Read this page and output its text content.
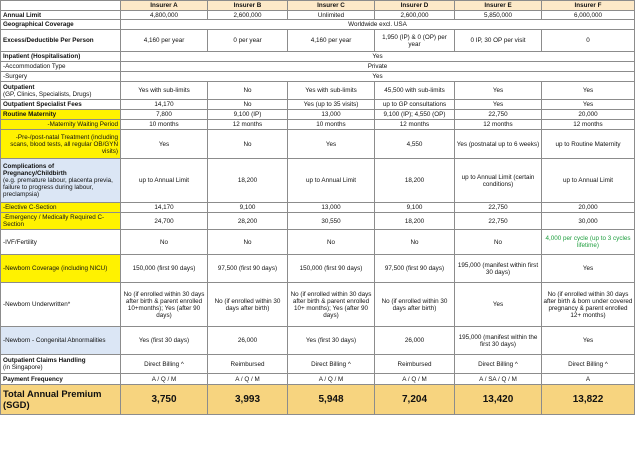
	Insurer A	Insurer B	Insurer C	Insurer D	Insurer E	Insurer F
Annual Limit	4,800,000	2,600,000	Unlimited	2,600,000	5,850,000	6,000,000
Geographical Coverage	Worldwide excl. USA					
Excess/Deductible Per Person	4,160 per year	0 per year	4,160 per year	1,950 (IP) & 0 (OP) per year	0 IP, 30 OP per visit	0
Inpatient (Hospitalisation)	Yes					
-Accommodation Type	Private					
-Surgery	Yes					
Outpatient
(GP, Clinics, Specialists, Drugs)	Yes with sub-limits	No	Yes with sub-limits	45,500 with sub-limits	Yes	Yes
Outpatient Specialist Fees	14,170	No	Yes (up to 35 visits)	up to GP consultations	Yes	Yes
Routine Maternity	7,800	9,100 (IP)	13,000	9,100 (IP); 4,550 (OP)	22,750	20,000
-Maternity Waiting Period	10 months	12 months	10 months	12 months	12 months	12 months
-Pre-/post-natal Treatment (including scans, blood tests, all regular OB/GYN visits)	Yes	No	Yes	4,550	Yes (postnatal up to 6 weeks)	up to Routine Maternity
Complications of Pregnancy/Childbirth
(e.g. premature labour, placenta previa, failure to progress during labour, preclampsia)	up to Annual Limit	18,200	up to Annual Limit	18,200	up to Annual Limit (certain conditions)	up to Annual Limit
-Elective C-Section	14,170	9,100	13,000	9,100	22,750	20,000
-Emergency / Medically Required C-Section	24,700	28,200	30,550	18,200	22,750	30,000
-IVF/Fertility	No	No	No	No	No	4,000 per cycle (up to 3 cycles lifetime)
-Newborn Coverage (including NICU)	150,000 (first 90 days)	97,500 (first 90 days)	150,000 (first 90 days)	97,500 (first 90 days)	195,000 (manifest within first 30 days)	Yes
-Newborn Underwritten*	No (if enrolled within 30 days after birth & parent enrolled 10+months); Yes (after 90 days)	No (if enrolled within 30 days after birth)	No (if enrolled within 30 days after birth & parent enrolled 10+ months); Yes (after 90 days)	No (if enrolled within 30 days after birth)	Yes	No (if enrolled within 30 days after birth & born under covered pregnancy & parent enrolled 12+ months)
-Newborn - Congenital Abnormalities	Yes (first 30 days)	26,000	Yes (first 30 days)	26,000	195,000 (manifest within the first 30 days)	Yes
Outpatient Claims Handling
(in Singapore)	Direct Billing ^	Reimbursed	Direct Billing ^	Reimbursed	Direct Billing ^	Direct Billing ^
Payment Frequency	A / Q / M	A / Q / M	A / Q / M	A / Q / M	A / SA / Q / M	A
Total Annual Premium (SGD)	3,750	3,993	5,948	7,204	13,420	13,822
